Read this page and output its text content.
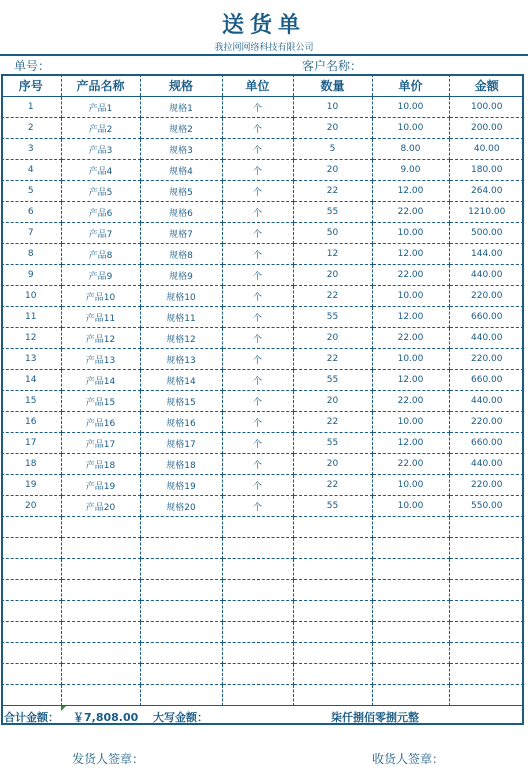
送货单
我拉网网络科技有限公司
单号：	客户名称：
序号	产品名称	规格	单位	数量	单价	金额
1	产品1	规格1	个	10	10.00	100.00
2	产品2	规格2	个	20	10.00	200.00
3	产品3	规格3	个	5	8.00	40.00
4	产品4	规格4	个	20	9.00	180.00
5	产品5	规格5	个	22	12.00	264.00
6	产品6	规格6	个	55	22.00	1210.00
7	产品7	规格7	个	50	10.00	500.00
8	产品8	规格8	个	12	12.00	144.00
9	产品9	规格9	个	20	22.00	440.00
10	产品10	规格10	个	22	10.00	220.00
11	产品11	规格11	个	55	12.00	660.00
12	产品12	规格12	个	20	22.00	440.00
13	产品13	规格13	个	22	10.00	220.00
14	产品14	规格14	个	55	12.00	660.00
15	产品15	规格15	个	20	22.00	440.00
16	产品16	规格16	个	22	10.00	220.00
17	产品17	规格17	个	55	12.00	660.00
18	产品18	规格18	个	20	22.00	440.00
19	产品19	规格19	个	22	10.00	220.00
20	产品20	规格20	个	55	10.00	550.00

合计金额： ￥7,808.00 大写金额：	柒仟捌佰零捌元整
发货人签章：	收货人签章：
